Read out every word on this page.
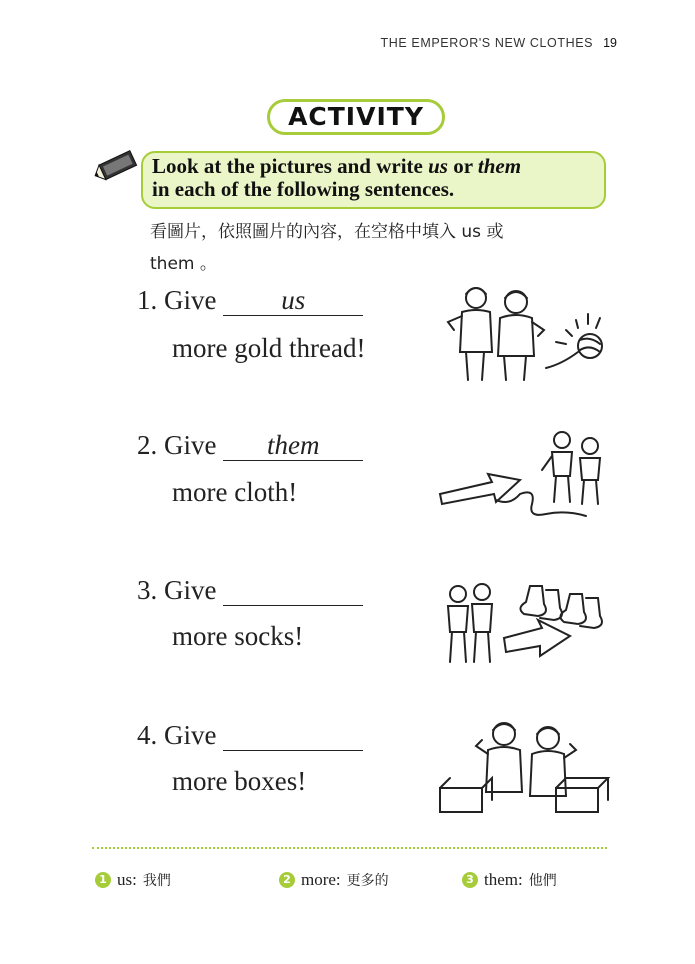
THE EMPEROR'S NEW CLOTHES 19
ACTIVITY
Look at the pictures and write us or them
in each of the following sentences.
看圖片，依照圖片的內容，在空格中填入 us 或
them 。
1. Give us
more gold thread!
2. Give them
more cloth!
3. Give
more socks!
4. Give
more boxes!
1 us: 我們	2 more: 更多的	3 them: 他們
